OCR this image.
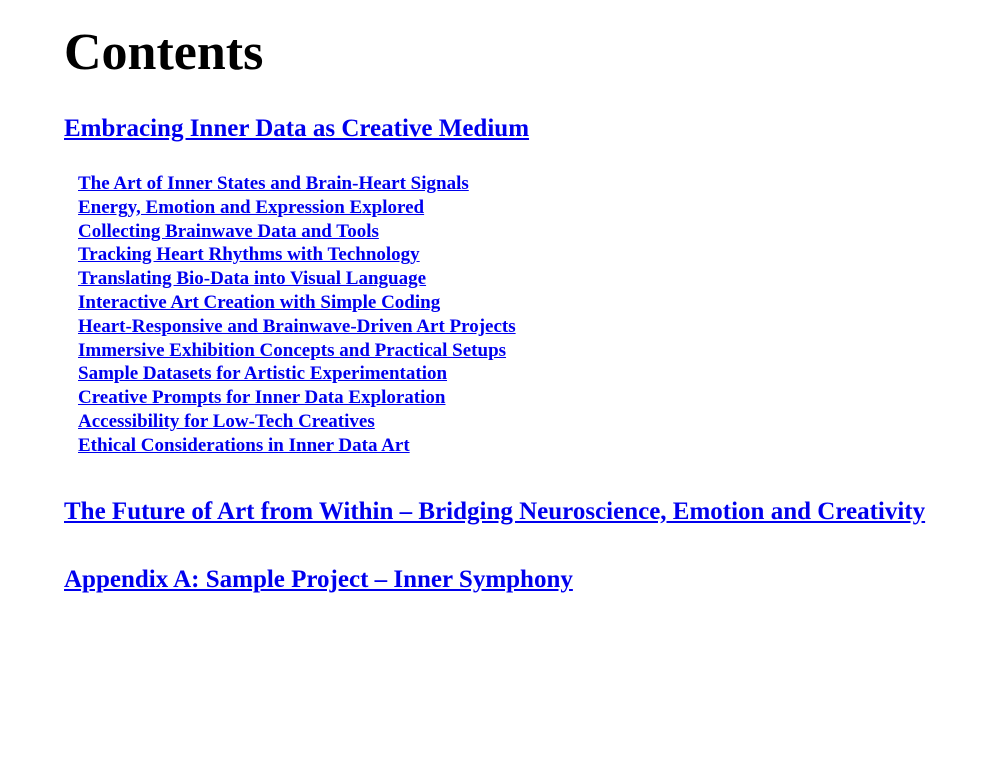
Contents
Embracing Inner Data as Creative Medium
The Art of Inner States and Brain-Heart Signals
Energy, Emotion and Expression Explored
Collecting Brainwave Data and Tools
Tracking Heart Rhythms with Technology
Translating Bio-Data into Visual Language
Interactive Art Creation with Simple Coding
Heart-Responsive and Brainwave-Driven Art Projects
Immersive Exhibition Concepts and Practical Setups
Sample Datasets for Artistic Experimentation
Creative Prompts for Inner Data Exploration
Accessibility for Low-Tech Creatives
Ethical Considerations in Inner Data Art
The Future of Art from Within – Bridging Neuroscience, Emotion and Creativity
Appendix A: Sample Project – Inner Symphony
